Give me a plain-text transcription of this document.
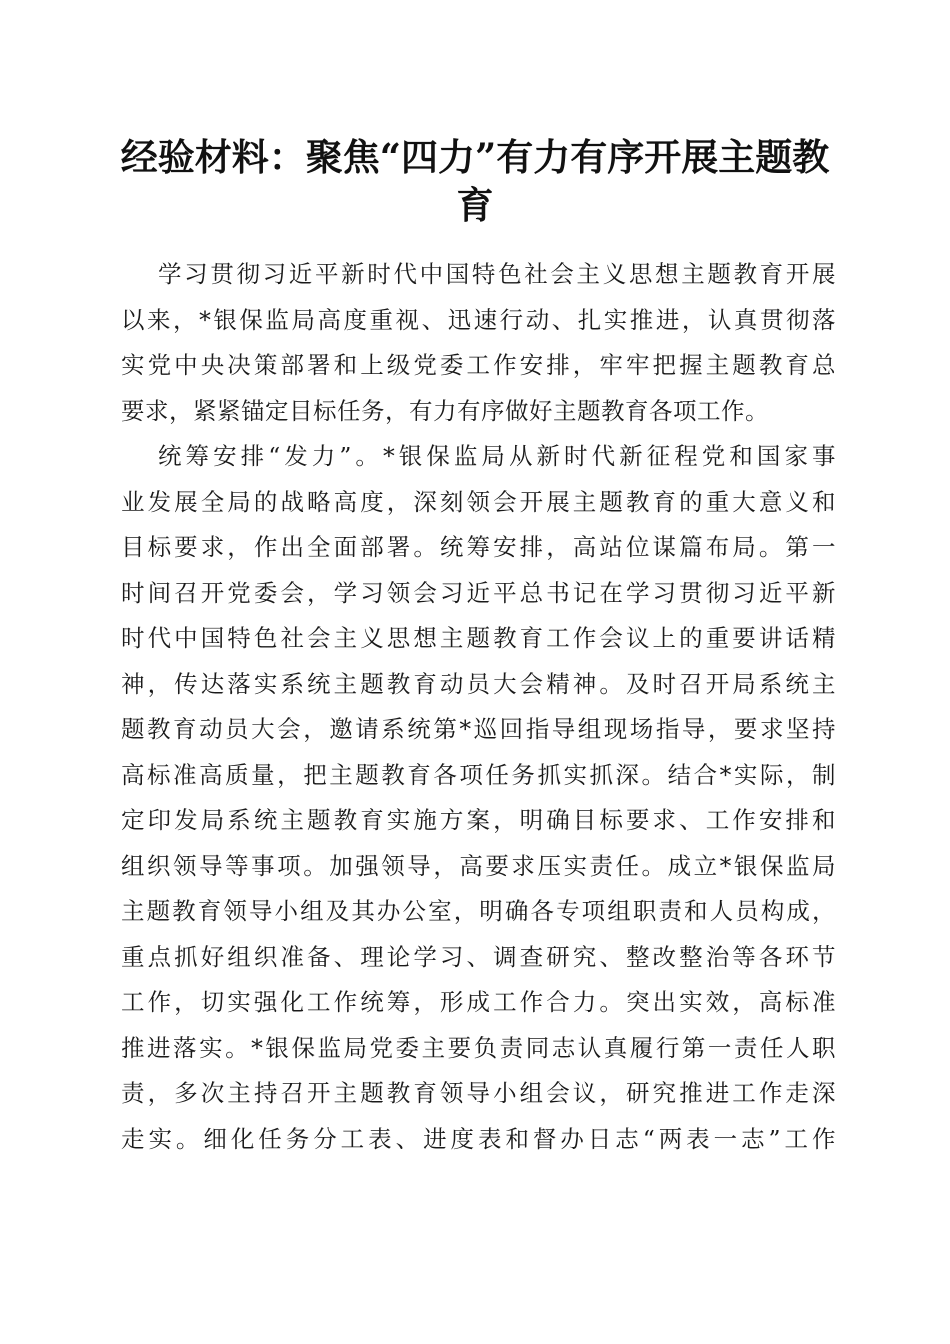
经验材料：聚焦“四力”有力有序开展主题教
育
学习贯彻习近平新时代中国特色社会主义思想主题教育开展
以来，*银保监局高度重视、迅速行动、扎实推进，认真贯彻落
实党中央决策部署和上级党委工作安排，牢牢把握主题教育总
要求，紧紧锚定目标任务，有力有序做好主题教育各项工作。
统筹安排“发力”。*银保监局从新时代新征程党和国家事
业发展全局的战略高度，深刻领会开展主题教育的重大意义和
目标要求，作出全面部署。统筹安排，高站位谋篇布局。第一
时间召开党委会，学习领会习近平总书记在学习贯彻习近平新
时代中国特色社会主义思想主题教育工作会议上的重要讲话精
神，传达落实系统主题教育动员大会精神。及时召开局系统主
题教育动员大会，邀请系统第*巡回指导组现场指导，要求坚持
高标准高质量，把主题教育各项任务抓实抓深。结合*实际，制
定印发局系统主题教育实施方案，明确目标要求、工作安排和
组织领导等事项。加强领导，高要求压实责任。成立*银保监局
主题教育领导小组及其办公室，明确各专项组职责和人员构成，
重点抓好组织准备、理论学习、调查研究、整改整治等各环节
工作，切实强化工作统筹，形成工作合力。突出实效，高标准
推进落实。*银保监局党委主要负责同志认真履行第一责任人职
责，多次主持召开主题教育领导小组会议，研究推进工作走深
走实。细化任务分工表、进度表和督办日志“两表一志”工作
